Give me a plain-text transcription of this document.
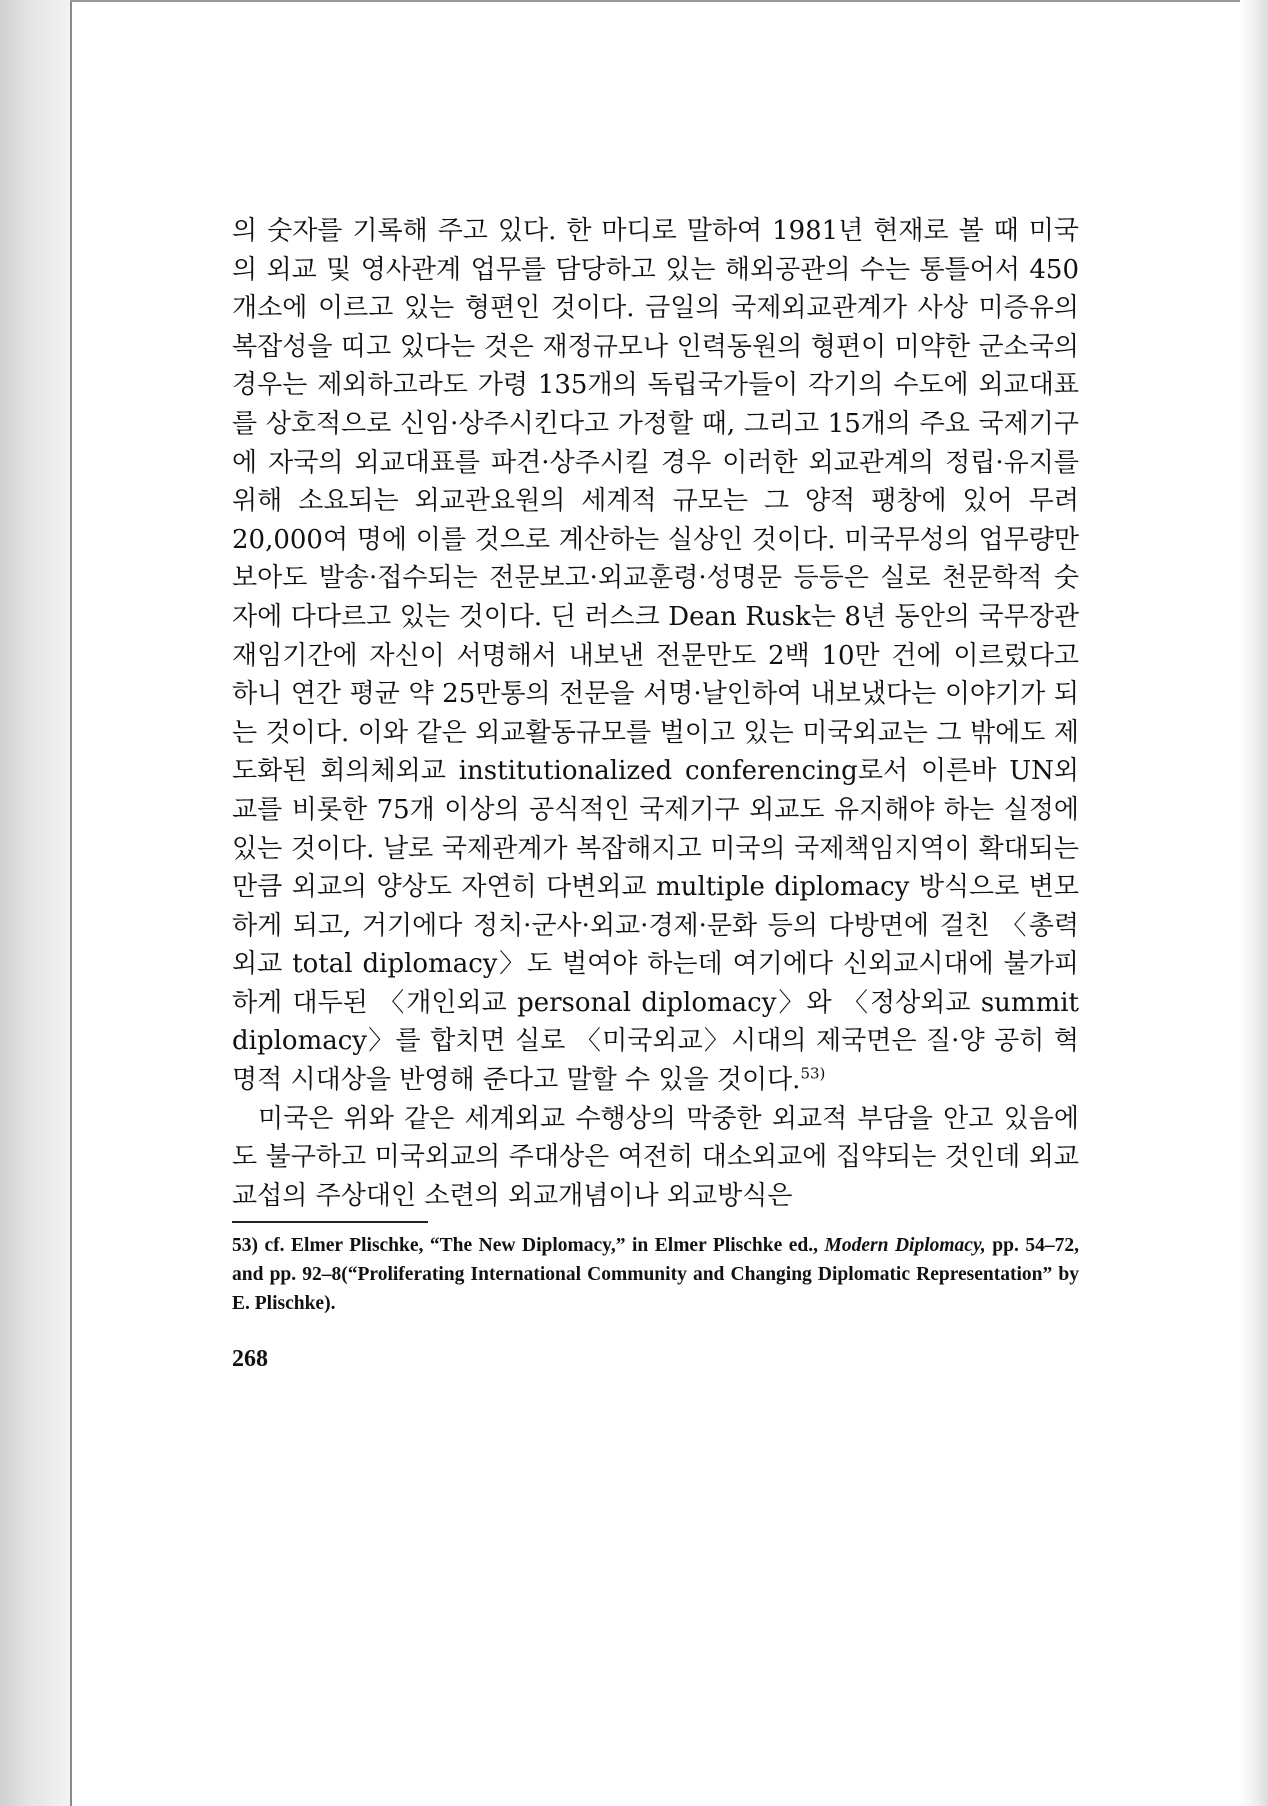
의 숫자를 기록해 주고 있다. 한 마디로 말하여 1981년 현재로 볼 때 미국의 외교 및 영사관계 업무를 담당하고 있는 해외공관의 수는 통틀어서 450개소에 이르고 있는 형편인 것이다. 금일의 국제외교관계가 사상 미증유의 복잡성을 띠고 있다는 것은 재정규모나 인력동원의 형편이 미약한 군소국의 경우는 제외하고라도 가령 135개의 독립국가들이 각기의 수도에 외교대표를 상호적으로 신임·상주시킨다고 가정할 때, 그리고 15개의 주요 국제기구에 자국의 외교대표를 파견·상주시킬 경우 이러한 외교관계의 정립·유지를 위해 소요되는 외교관요원의 세계적 규모는 그 양적 팽창에 있어 무려 20,000여 명에 이를 것으로 계산하는 실상인 것이다. 미국무성의 업무량만 보아도 발송·접수되는 전문보고·외교훈령·성명문 등등은 실로 천문학적 숫자에 다다르고 있는 것이다. 딘 러스크 Dean Rusk는 8년 동안의 국무장관 재임기간에 자신이 서명해서 내보낸 전문만도 2백 10만 건에 이르렀다고 하니 연간 평균 약 25만통의 전문을 서명·날인하여 내보냈다는 이야기가 되는 것이다. 이와 같은 외교활동규모를 벌이고 있는 미국외교는 그 밖에도 제도화된 회의체외교 institutionalized conferencing로서 이른바 UN외교를 비롯한 75개 이상의 공식적인 국제기구 외교도 유지해야 하는 실정에 있는 것이다. 날로 국제관계가 복잡해지고 미국의 국제책임지역이 확대되는만큼 외교의 양상도 자연히 다변외교 multiple diplomacy 방식으로 변모하게 되고, 거기에다 정치·군사·외교·경제·문화 등의 다방면에 걸친 〈총력외교 total diplomacy〉도 벌여야 하는데 여기에다 신외교시대에 불가피하게 대두된 〈개인외교 personal diplomacy〉와 〈정상외교 summit diplomacy〉를 합치면 실로 〈미국외교〉시대의 제국면은 질·양 공히 혁명적 시대상을 반영해 준다고 말할 수 있을 것이다.$^{53)}$

미국은 위와 같은 세계외교 수행상의 막중한 외교적 부담을 안고 있음에도 불구하고 미국외교의 주대상은 여전히 대소외교에 집약되는 것인데 외교교섭의 주상대인 소련의 외교개념이나 외교방식은

53) cf. Elmer Plischke, “The New Diplomacy,” in Elmer Plischke ed., Modern Diplomacy, pp. 54–72, and pp. 92–8(“Proliferating International Community and Changing Diplomatic Representation” by E. Plischke).

268
